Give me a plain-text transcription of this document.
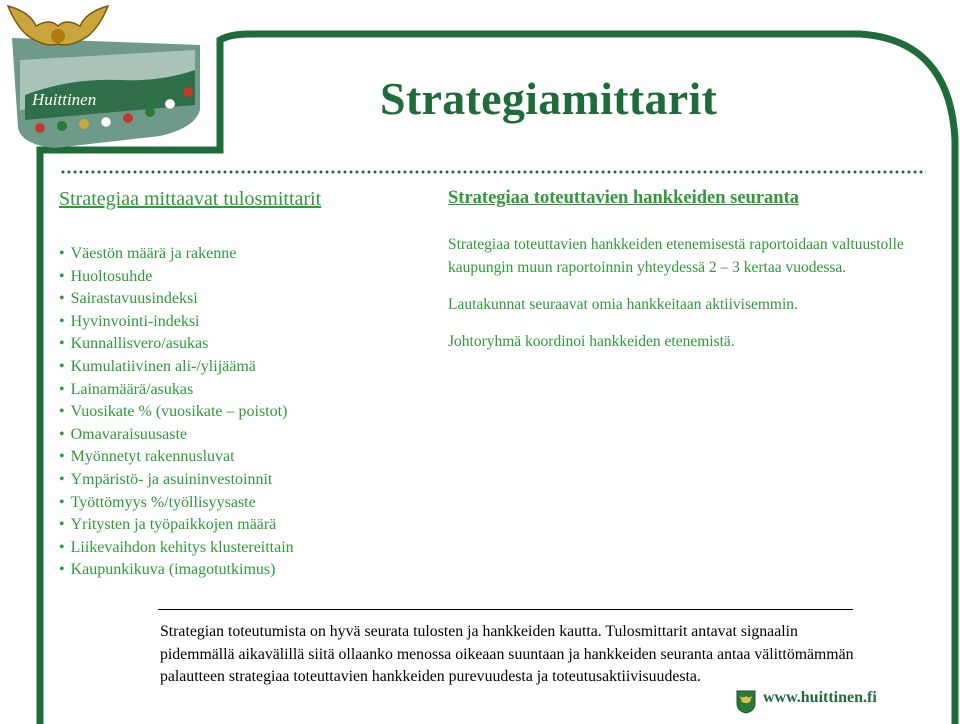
Huittinen	Strategiamittarit
Strategiaa mittaavat tulosmittarit
• Väestön määrä ja rakenne
• Huoltosuhde
• Sairastavuusindeksi
• Hyvinvointi-indeksi
• Kunnallisvero/asukas
• Kumulatiivinen ali-/ylijäämä
• Lainamäärä/asukas
• Vuosikate % (vuosikate – poistot)
• Omavaraisuusaste
• Myönnetyt rakennusluvat
• Ympäristö- ja asuininvestoinnit
• Työttömyys %/työllisyysaste
• Yritysten ja työpaikkojen määrä
• Liikevaihdon kehitys klustereittain
• Kaupunkikuva (imagotutkimus)
Strategiaa toteuttavien hankkeiden seuranta

Strategiaa toteuttavien hankkeiden etenemisestä raportoidaan valtuustolle kaupungin muun raportoinnin yhteydessä 2 – 3 kertaa vuodessa.

Lautakunnat seuraavat omia hankkeitaan aktiivisemmin.

Johtoryhmä koordinoi hankkeiden etenemistä.

Strategian toteutumista on hyvä seurata tulosten ja hankkeiden kautta. Tulosmittarit antavat signaalin pidemmällä aikavälillä siitä ollaanko menossa oikeaan suuntaan ja hankkeiden seuranta antaa välittömämmän palautteen strategiaa toteuttavien hankkeiden purevuudesta ja toteutusaktiivisuudesta.
www.huittinen.fi
